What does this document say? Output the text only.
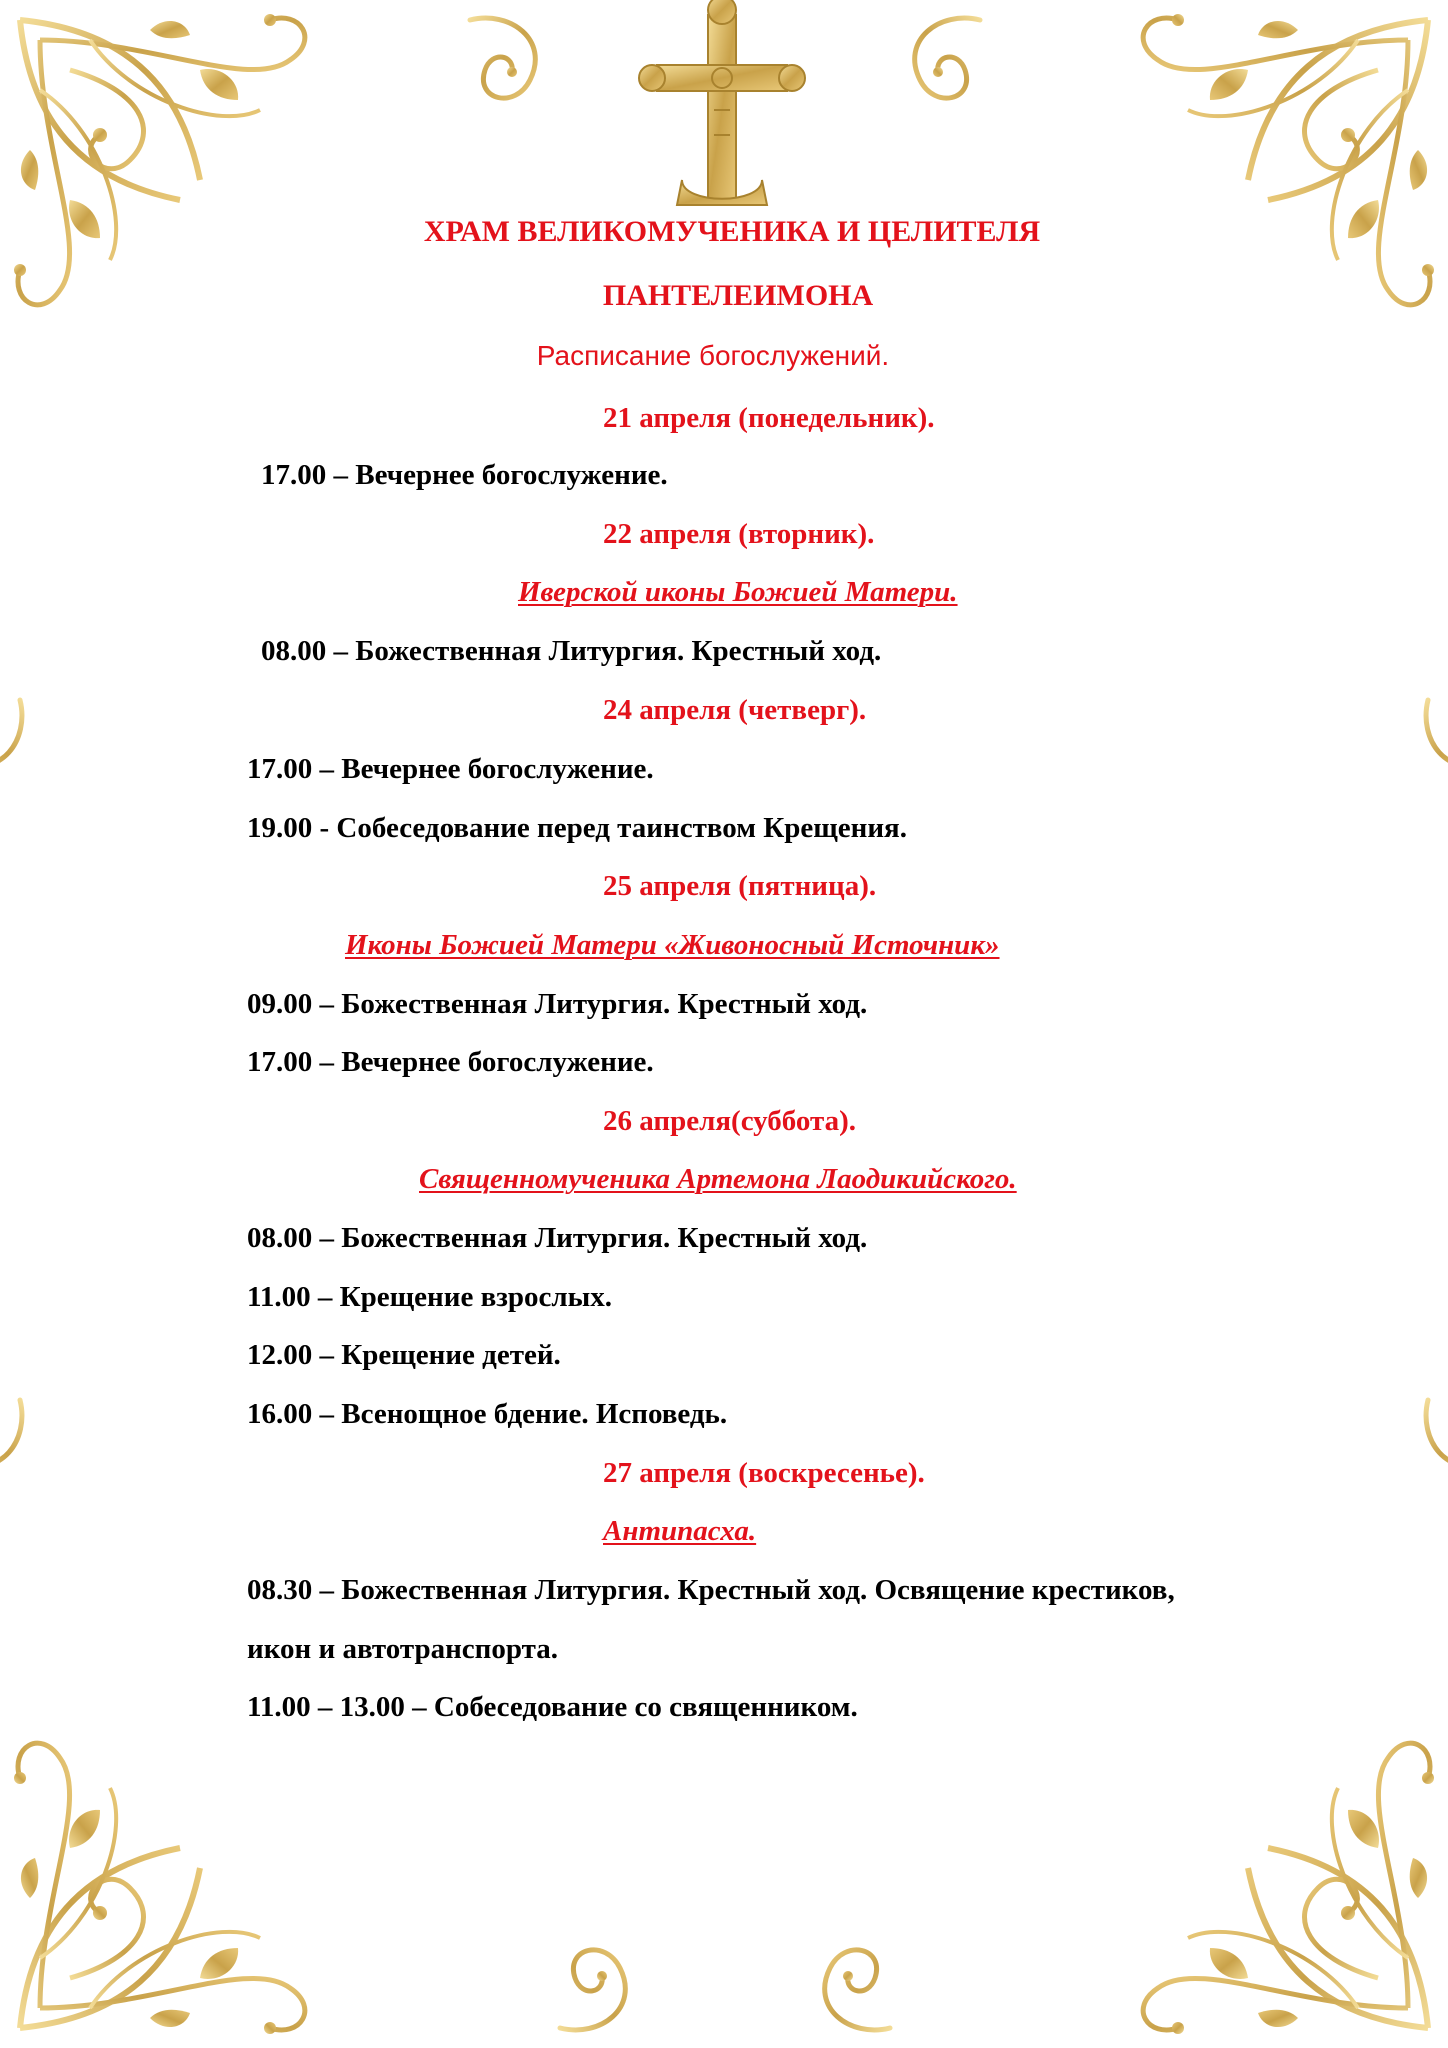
ХРАМ ВЕЛИКОМУЧЕНИКА И ЦЕЛИТЕЛЯ
ПАНТЕЛЕИМОНА
Расписание богослужений.
21 апреля (понедельник).
17.00 – Вечернее богослужение.
22 апреля (вторник).
Иверской иконы Божией Матери.
08.00 – Божественная Литургия. Крестный ход.
24 апреля (четверг).
17.00 – Вечернее богослужение.
19.00 - Собеседование перед таинством Крещения.
25 апреля (пятница).
Иконы Божией Матери «Живоносный Источник»
09.00 – Божественная Литургия. Крестный ход.
17.00 – Вечернее богослужение.
26 апреля(суббота).
Священномученика Артемона Лаодикийского.
08.00 – Божественная Литургия. Крестный ход.
11.00 – Крещение взрослых.
12.00 – Крещение детей.
16.00 – Всенощное бдение. Исповедь.
27 апреля (воскресенье).
Антипасха.
08.30 – Божественная Литургия. Крестный ход. Освящение крестиков,
икон и автотранспорта.
11.00 – 13.00 – Собеседование со священником.
